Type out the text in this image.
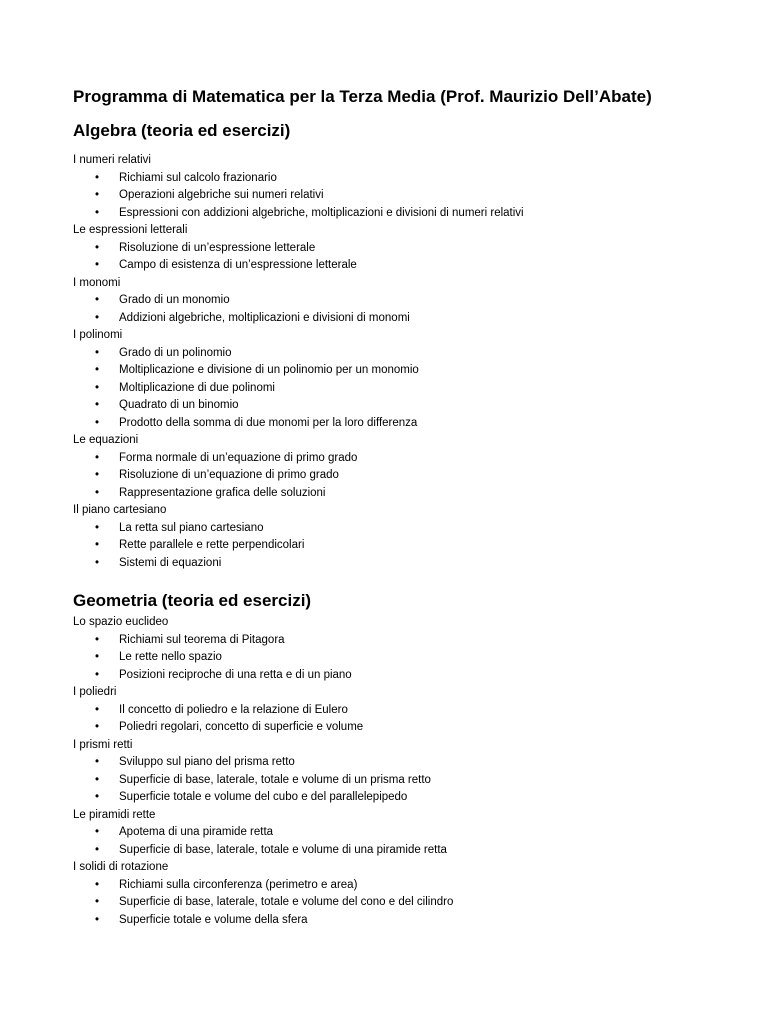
Programma di Matematica per la Terza Media (Prof. Maurizio Dell’Abate)
Algebra (teoria ed esercizi)
I numeri relativi
• Richiami sul calcolo frazionario
• Operazioni algebriche sui numeri relativi
• Espressioni con addizioni algebriche, moltiplicazioni e divisioni di numeri relativi
Le espressioni letterali
• Risoluzione di un’espressione letterale
• Campo di esistenza di un’espressione letterale
I monomi
• Grado di un monomio
• Addizioni algebriche, moltiplicazioni e divisioni di monomi
I polinomi
• Grado di un polinomio
• Moltiplicazione e divisione di un polinomio per un monomio
• Moltiplicazione di due polinomi
• Quadrato di un binomio
• Prodotto della somma di due monomi per la loro differenza
Le equazioni
• Forma normale di un’equazione di primo grado
• Risoluzione di un’equazione di primo grado
• Rappresentazione grafica delle soluzioni
Il piano cartesiano
• La retta sul piano cartesiano
• Rette parallele e rette perpendicolari
• Sistemi di equazioni
Geometria (teoria ed esercizi)
Lo spazio euclideo
• Richiami sul teorema di Pitagora
• Le rette nello spazio
• Posizioni reciproche di una retta e di un piano
I poliedri
• Il concetto di poliedro e la relazione di Eulero
• Poliedri regolari, concetto di superficie e volume
I prismi retti
• Sviluppo sul piano del prisma retto
• Superficie di base, laterale, totale e volume di un prisma retto
• Superficie totale e volume del cubo e del parallelepipedo
Le piramidi rette
• Apotema di una piramide retta
• Superficie di base, laterale, totale e volume di una piramide retta
I solidi di rotazione
• Richiami sulla circonferenza (perimetro e area)
• Superficie di base, laterale, totale e volume del cono e del cilindro
• Superficie totale e volume della sfera
